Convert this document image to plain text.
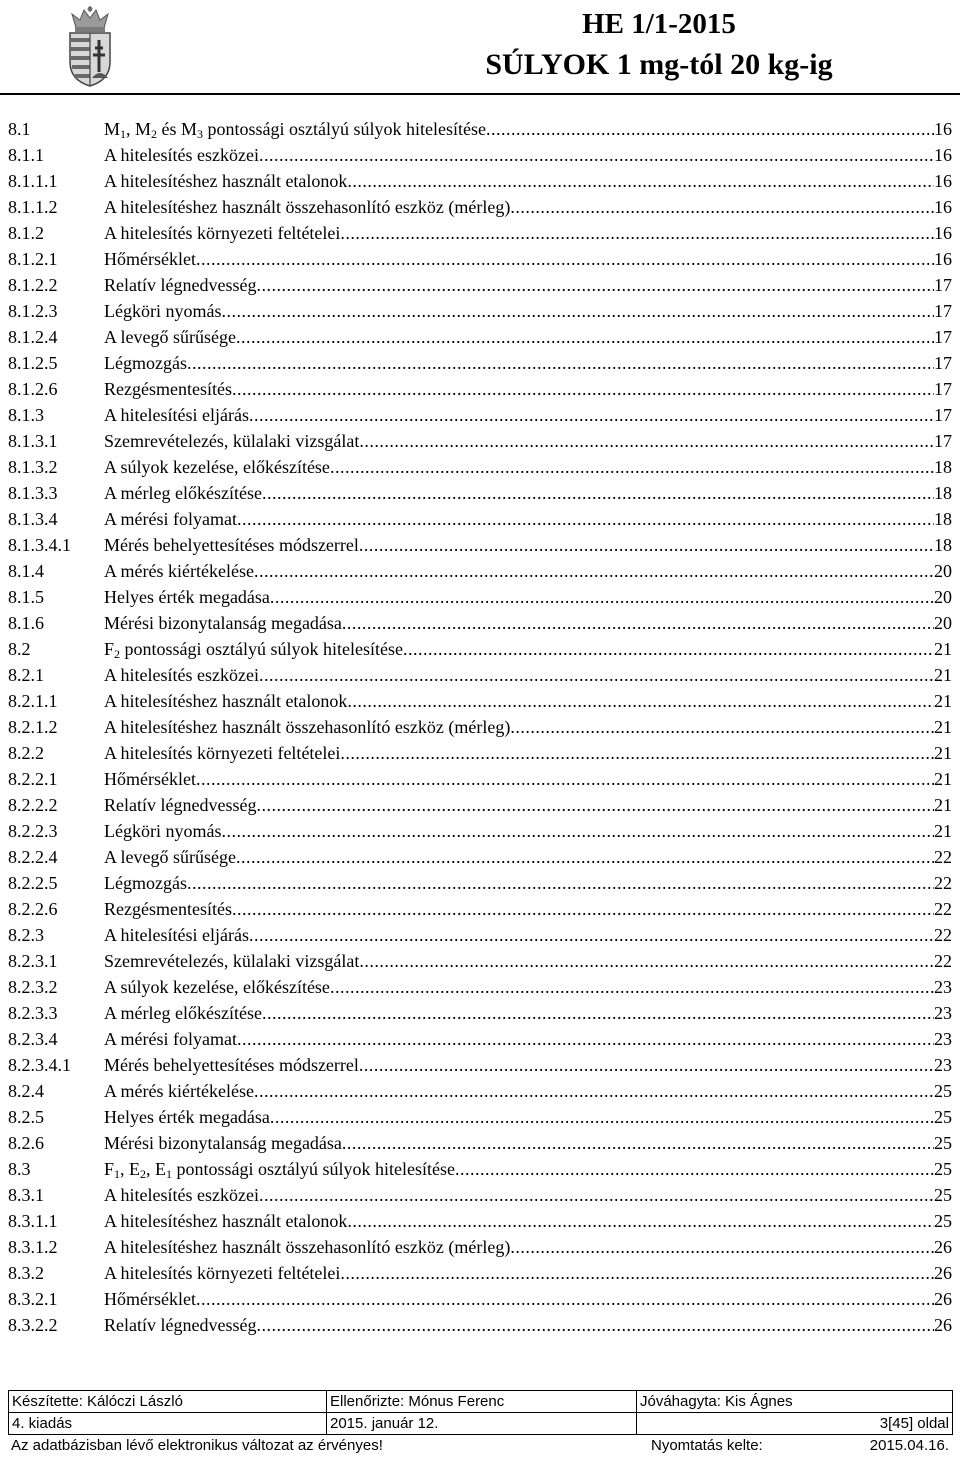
HE 1/1-2015
SÚLYOK 1 mg-tól 20 kg-ig
8.1	$M_1$, $M_2$ és $M_3$ pontossági osztályú súlyok hitelesítése .....	16
8.1.1	A hitelesítés eszközei .....	16
8.1.1.1	A hitelesítéshez használt etalonok .....	16
8.1.1.2	A hitelesítéshez használt összehasonlító eszköz (mérleg) .....	16
8.1.2	A hitelesítés környezeti feltételei .....	16
8.1.2.1	Hőmérséklet .....	16
8.1.2.2	Relatív légnedvesség .....	17
8.1.2.3	Légköri nyomás .....	17
8.1.2.4	A levegő sűrűsége .....	17
8.1.2.5	Légmozgás .....	17
8.1.2.6	Rezgésmentesítés .....	17
8.1.3	A hitelesítési eljárás .....	17
8.1.3.1	Szemrevételezés, külalaki vizsgálat .....	17
8.1.3.2	A súlyok kezelése, előkészítése .....	18
8.1.3.3	A mérleg előkészítése .....	18
8.1.3.4	A mérési folyamat .....	18
8.1.3.4.1 Mérés behelyettesítéses módszerrel .....	18
8.1.4	A mérés kiértékelése .....	20
8.1.5	Helyes érték megadása .....	20
8.1.6	Mérési bizonytalanság megadása .....	20
8.2	$F_2$ pontossági osztályú súlyok hitelesítése .....	21
8.2.1	A hitelesítés eszközei .....	21
8.2.1.1	A hitelesítéshez használt etalonok .....	21
8.2.1.2	A hitelesítéshez használt összehasonlító eszköz (mérleg) .....	21
8.2.2	A hitelesítés környezeti feltételei .....	21
8.2.2.1	Hőmérséklet .....	21
8.2.2.2	Relatív légnedvesség .....	21
8.2.2.3	Légköri nyomás .....	21
8.2.2.4	A levegő sűrűsége .....	22
8.2.2.5	Légmozgás .....	22
8.2.2.6	Rezgésmentesítés .....	22
8.2.3	A hitelesítési eljárás .....	22
8.2.3.1	Szemrevételezés, külalaki vizsgálat .....	22
8.2.3.2	A súlyok kezelése, előkészítése .....	23
8.2.3.3	A mérleg előkészítése .....	23
8.2.3.4	A mérési folyamat .....	23
8.2.3.4.1 Mérés behelyettesítéses módszerrel .....	23
8.2.4	A mérés kiértékelése .....	25
8.2.5	Helyes érték megadása .....	25
8.2.6	Mérési bizonytalanság megadása .....	25
8.3	$F_1$, $E_2$, $E_1$ pontossági osztályú súlyok hitelesítése .....	25
8.3.1	A hitelesítés eszközei .....	25
8.3.1.1	A hitelesítéshez használt etalonok .....	25
8.3.1.2	A hitelesítéshez használt összehasonlító eszköz (mérleg) .....	26
8.3.2	A hitelesítés környezeti feltételei .....	26
8.3.2.1	Hőmérséklet .....	26
8.3.2.2	Relatív légnedvesség .....	26
Készítette: Kálóczi László	Ellenőrizte: Mónus Ferenc	Jóváhagyta: Kis Ágnes
4. kiadás	2015. január 12.	3[45] oldal
Az adatbázisban lévő elektronikus változat az érvényes!	Nyomtatás kelte:	2015.04.16.
